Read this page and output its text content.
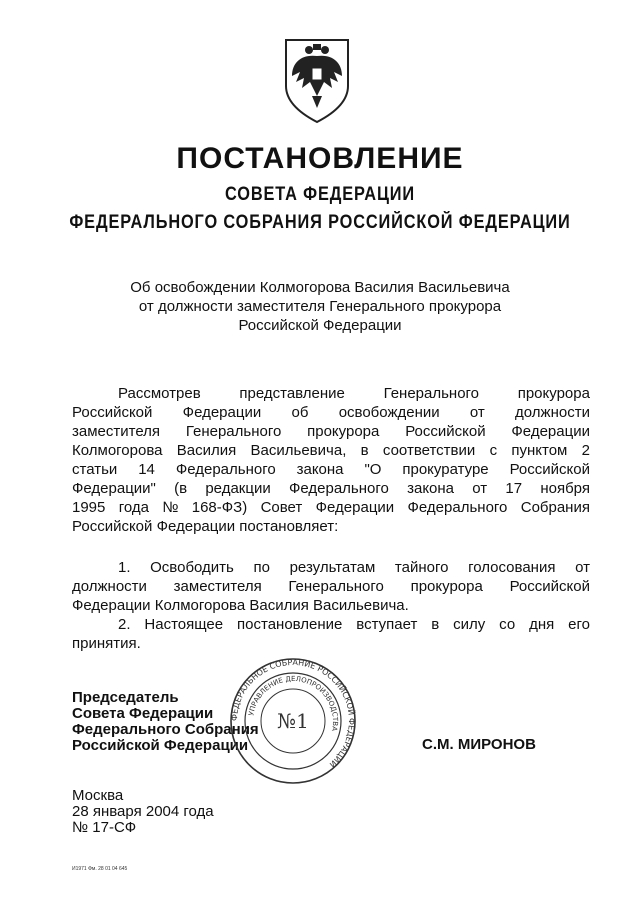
ПОСТАНОВЛЕНИЕ
СОВЕТА ФЕДЕРАЦИИ
ФЕДЕРАЛЬНОГО СОБРАНИЯ РОССИЙСКОЙ ФЕДЕРАЦИИ
Об освобождении Колмогорова Василия Васильевича
от должности заместителя Генерального прокурора
Российской Федерации
Рассмотрев	представление	Генерального	прокурора
Российской Федерации об освобождении от должности
заместителя Генерального прокурора Российской Федерации
Колмогорова Василия Васильевича, в соответствии с пунктом 2
статьи 14 Федерального закона "О прокуратуре Российской
Федерации" (в редакции Федерального закона от 17 ноября
1995 года № 168-ФЗ) Совет Федерации Федерального Собрания
Российской Федерации постановляет:
1. Освободить по результатам тайного голосования от
должности заместителя Генерального прокурора Российской
Федерации Колмогорова Василия Васильевича.
2. Настоящее постановление вступает в силу со дня его
принятия.
Председатель
Совета Федерации
Федерального Собрания
Российской Федерации
ФЕДЕРАЛЬНОЕ СОБРАНИЕ РОССИЙСКОЙ ФЕДЕРАЦИИ
УПРАВЛЕНИЕ ДЕЛОПРОИЗВОДСТВА
№1
С.М. МИРОНОВ
Москва
28 января 2004 года
№ 17-СФ
И1971 Фм. 28 01 04 645
